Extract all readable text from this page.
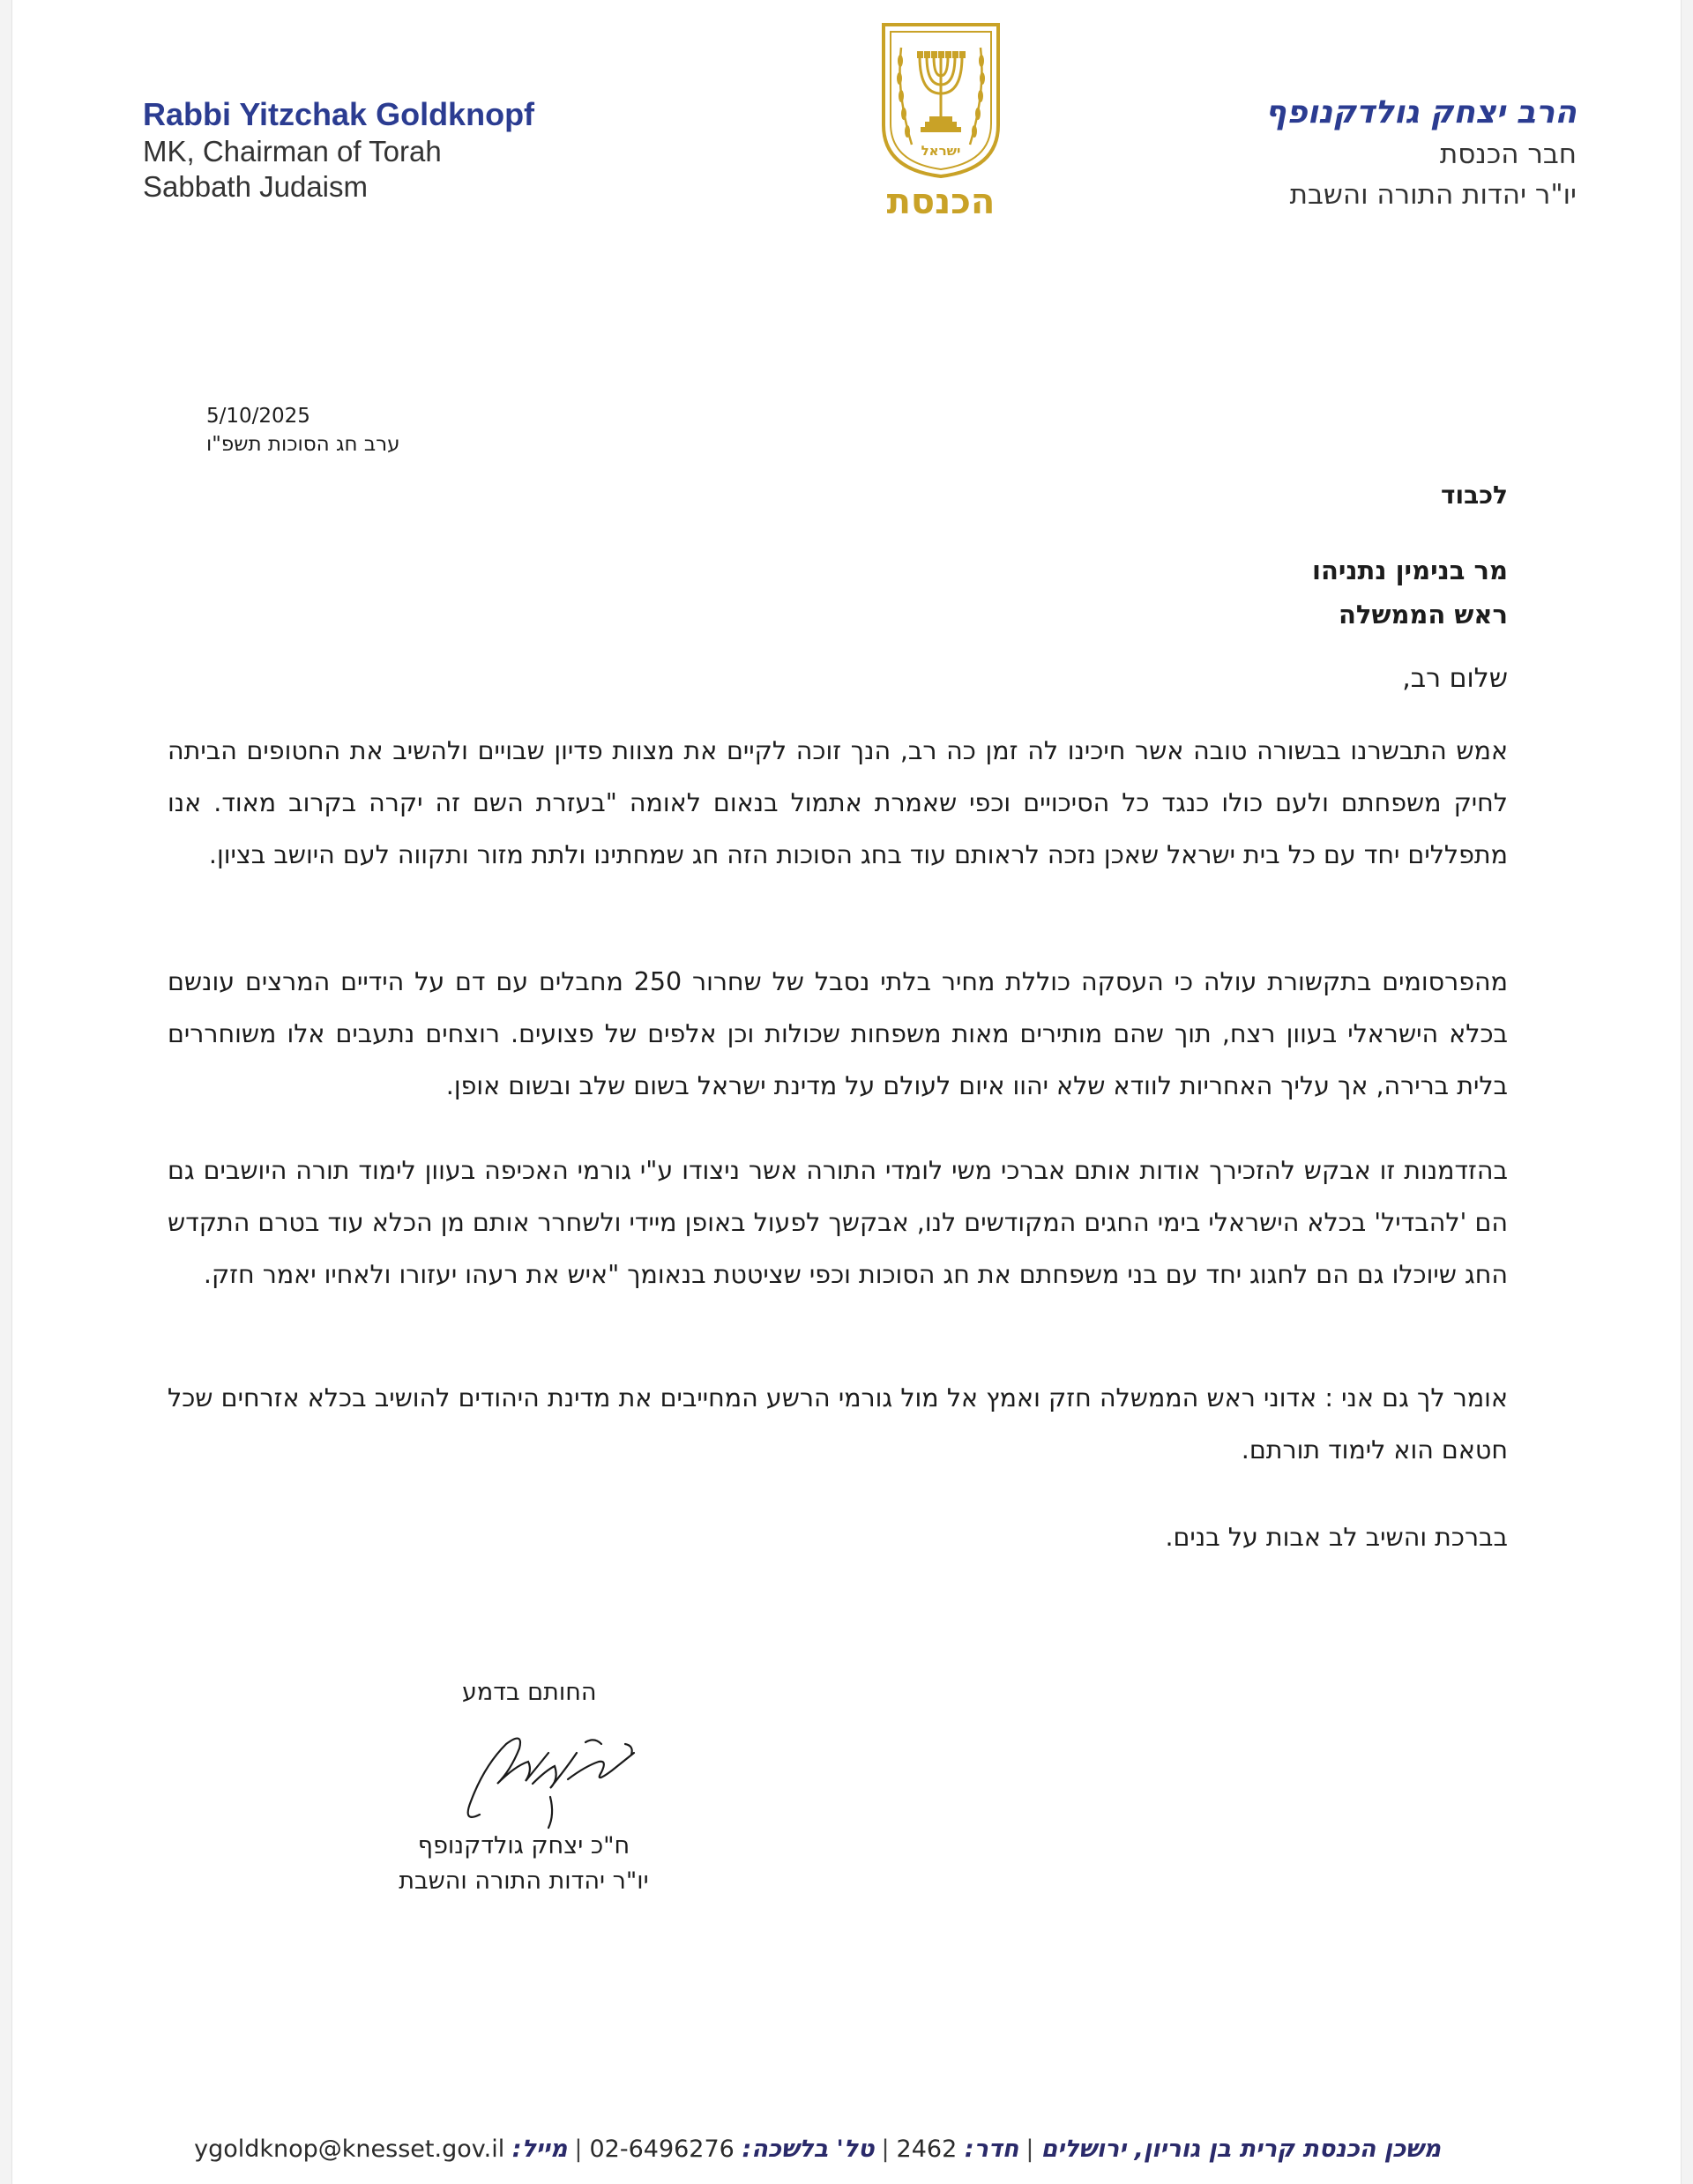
Rabbi Yitzchak Goldknopf
MK, Chairman of Torah
Sabbath Judaism
ישראל
הכנסת
הרב יצחק גולדקנופף
חבר הכנסת
יו"ר יהדות התורה והשבת
5/10/2025
ערב חג הסוכות תשפ"ו
לכבוד
מר בנימין נתניהו
ראש הממשלה
שלום רב,
אמש התבשרנו בבשורה טובה אשר חיכינו לה זמן כה רב, הנך זוכה לקיים את מצוות פדיון שבויים ולהשיב את החטופים הביתה לחיק משפחתם ולעם כולו כנגד כל הסיכויים וכפי שאמרת אתמול בנאום לאומה "בעזרת השם זה יקרה בקרוב מאוד. אנו מתפללים יחד עם כל בית ישראל שאכן נזכה לראותם עוד בחג הסוכות הזה חג שמחתינו ולתת מזור ותקווה לעם היושב בציון.
מהפרסומים בתקשורת עולה כי העסקה כוללת מחיר בלתי נסבל של שחרור 250 מחבלים עם דם על הידיים המרצים עונשם בכלא הישראלי בעוון רצח, תוך שהם מותירים מאות משפחות שכולות וכן אלפים של פצועים. רוצחים נתעבים אלו משוחררים בלית ברירה, אך עליך האחריות לוודא שלא יהוו איום לעולם על מדינת ישראל בשום שלב ובשום אופן.
בהזדמנות זו אבקש להזכירך אודות אותם אברכי משי לומדי התורה אשר ניצודו ע"י גורמי האכיפה בעוון לימוד תורה היושבים גם הם 'להבדיל' בכלא הישראלי בימי החגים המקודשים לנו, אבקשך לפעול באופן מיידי ולשחרר אותם מן הכלא עוד בטרם התקדש החג שיוכלו גם הם לחגוג יחד עם בני משפחתם את חג הסוכות וכפי שציטטת בנאומך "איש את רעהו יעזורו ולאחיו יאמר חזק.
אומר לך גם אני : אדוני ראש הממשלה חזק ואמץ אל מול גורמי הרשע המחייבים את מדינת היהודים להושיב בכלא אזרחים שכל חטאם הוא לימוד תורתם.
בברכת והשיב לב אבות על בנים.
החותם בדמע
ח"כ יצחק גולדקנופף
יו"ר יהדות התורה והשבת
משכן הכנסת קרית בן גוריון, ירושלים|חדר: 2462|טל' בלשכה: 02-6496276|מייל: ygoldknop@knesset.gov.il
